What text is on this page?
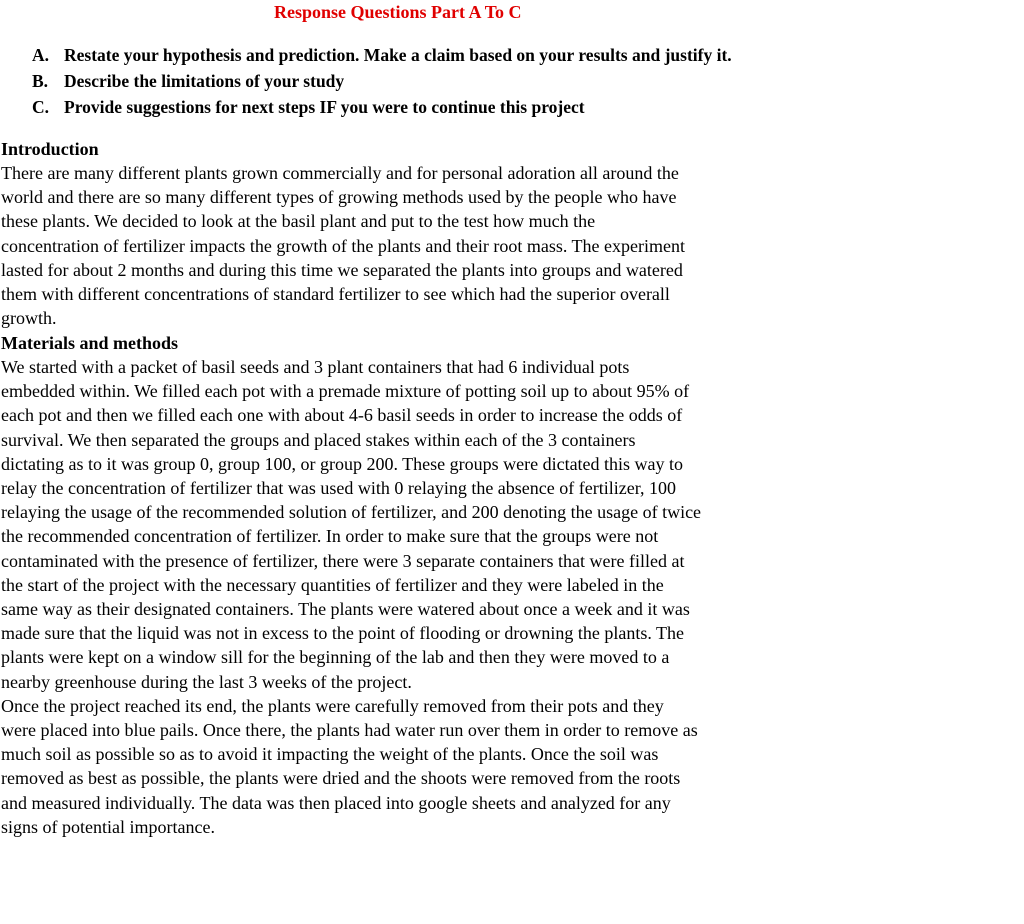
Response Questions Part A To C
A. Restate your hypothesis and prediction. Make a claim based on your results and justify it.
B. Describe the limitations of your study
C. Provide suggestions for next steps IF you were to continue this project
Introduction

There are many different plants grown commercially and for personal adoration all around the
world and there are so many different types of growing methods used by the people who have
these plants. We decided to look at the basil plant and put to the test how much the
concentration of fertilizer impacts the growth of the plants and their root mass. The experiment
lasted for about 2 months and during this time we separated the plants into groups and watered
them with different concentrations of standard fertilizer to see which had the superior overall
growth.

Materials and methods

We started with a packet of basil seeds and 3 plant containers that had 6 individual pots
embedded within. We filled each pot with a premade mixture of potting soil up to about 95% of
each pot and then we filled each one with about 4-6 basil seeds in order to increase the odds of
survival. We then separated the groups and placed stakes within each of the 3 containers
dictating as to it was group 0, group 100, or group 200. These groups were dictated this way to
relay the concentration of fertilizer that was used with 0 relaying the absence of fertilizer, 100
relaying the usage of the recommended solution of fertilizer, and 200 denoting the usage of twice
the recommended concentration of fertilizer. In order to make sure that the groups were not
contaminated with the presence of fertilizer, there were 3 separate containers that were filled at
the start of the project with the necessary quantities of fertilizer and they were labeled in the
same way as their designated containers. The plants were watered about once a week and it was
made sure that the liquid was not in excess to the point of flooding or drowning the plants. The
plants were kept on a window sill for the beginning of the lab and then they were moved to a
nearby greenhouse during the last 3 weeks of the project.

Once the project reached its end, the plants were carefully removed from their pots and they
were placed into blue pails. Once there, the plants had water run over them in order to remove as
much soil as possible so as to avoid it impacting the weight of the plants. Once the soil was
removed as best as possible, the plants were dried and the shoots were removed from the roots
and measured individually. The data was then placed into google sheets and analyzed for any
signs of potential importance.
